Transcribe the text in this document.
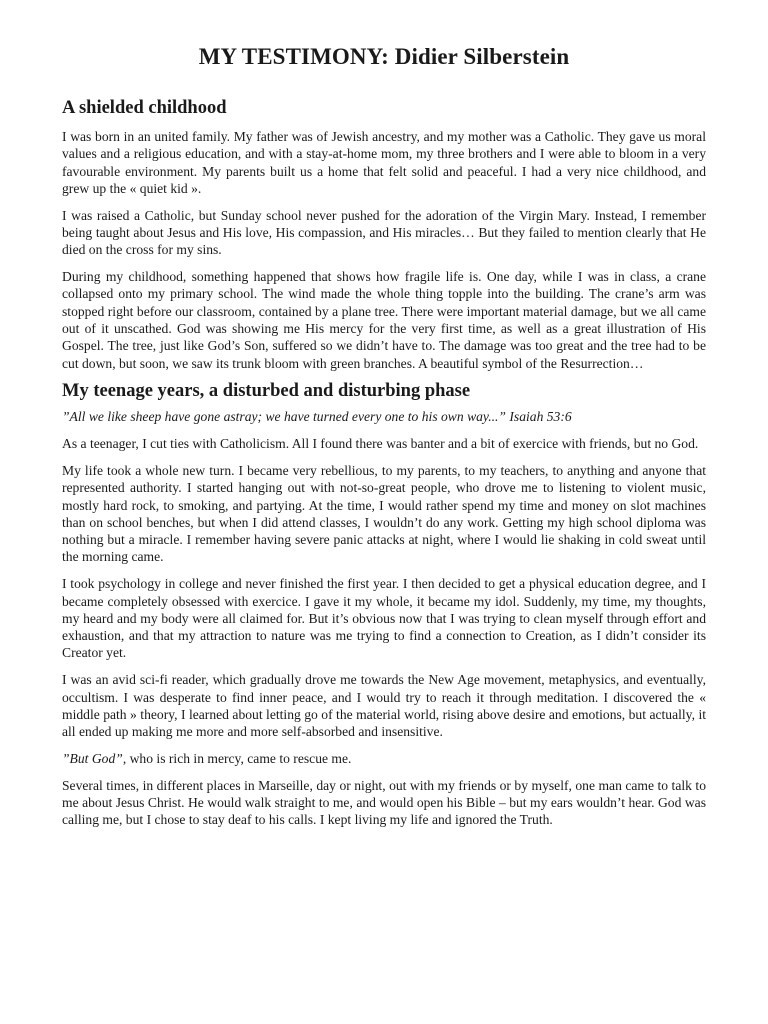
MY TESTIMONY: Didier Silberstein
A shielded childhood

I was born in an united family. My father was of Jewish ancestry, and my mother was a Catholic. They gave us moral values and a religious education, and with a stay-at-home mom, my three brothers and I were able to bloom in a very favourable environment. My parents built us a home that felt solid and peaceful. I had a very nice childhood, and grew up the « quiet kid ».

I was raised a Catholic, but Sunday school never pushed for the adoration of the Virgin Mary. Instead, I remember being taught about Jesus and His love, His compassion, and His miracles… But they failed to mention clearly that He died on the cross for my sins.

During my childhood, something happened that shows how fragile life is. One day, while I was in class, a crane collapsed onto my primary school. The wind made the whole thing topple into the building. The crane’s arm was stopped right before our classroom, contained by a plane tree. There were important material damage, but we all came out of it unscathed. God was showing me His mercy for the very first time, as well as a great illustration of His Gospel. The tree, just like God’s Son, suffered so we didn’t have to. The damage was too great and the tree had to be cut down, but soon, we saw its trunk bloom with green branches. A beautiful symbol of the Resurrection…

My teenage years, a disturbed and disturbing phase

”All we like sheep have gone astray; we have turned every one to his own way...” Isaiah 53:6

As a teenager, I cut ties with Catholicism. All I found there was banter and a bit of exercice with friends, but no God.

My life took a whole new turn. I became very rebellious, to my parents, to my teachers, to anything and anyone that represented authority. I started hanging out with not-so-great people, who drove me to listening to violent music, mostly hard rock, to smoking, and partying. At the time, I would rather spend my time and money on slot machines than on school benches, but when I did attend classes, I wouldn’t do any work. Getting my high school diploma was nothing but a miracle. I remember having severe panic attacks at night, where I would lie shaking in cold sweat until the morning came.

I took psychology in college and never finished the first year. I then decided to get a physical education degree, and I became completely obsessed with exercice. I gave it my whole, it became my idol. Suddenly, my time, my thoughts, my heard and my body were all claimed for. But it’s obvious now that I was trying to clean myself through effort and exhaustion, and that my attraction to nature was me trying to find a connection to Creation, as I didn’t consider its Creator yet.

I was an avid sci-fi reader, which gradually drove me towards the New Age movement, metaphysics, and eventually, occultism. I was desperate to find inner peace, and I would try to reach it through meditation. I discovered the « middle path » theory, I learned about letting go of the material world, rising above desire and emotions, but actually, it all ended up making me more and more self-absorbed and insensitive.

”But God”, who is rich in mercy, came to rescue me.

Several times, in different places in Marseille, day or night, out with my friends or by myself, one man came to talk to me about Jesus Christ. He would walk straight to me, and would open his Bible – but my ears wouldn’t hear. God was calling me, but I chose to stay deaf to his calls. I kept living my life and ignored the Truth.
